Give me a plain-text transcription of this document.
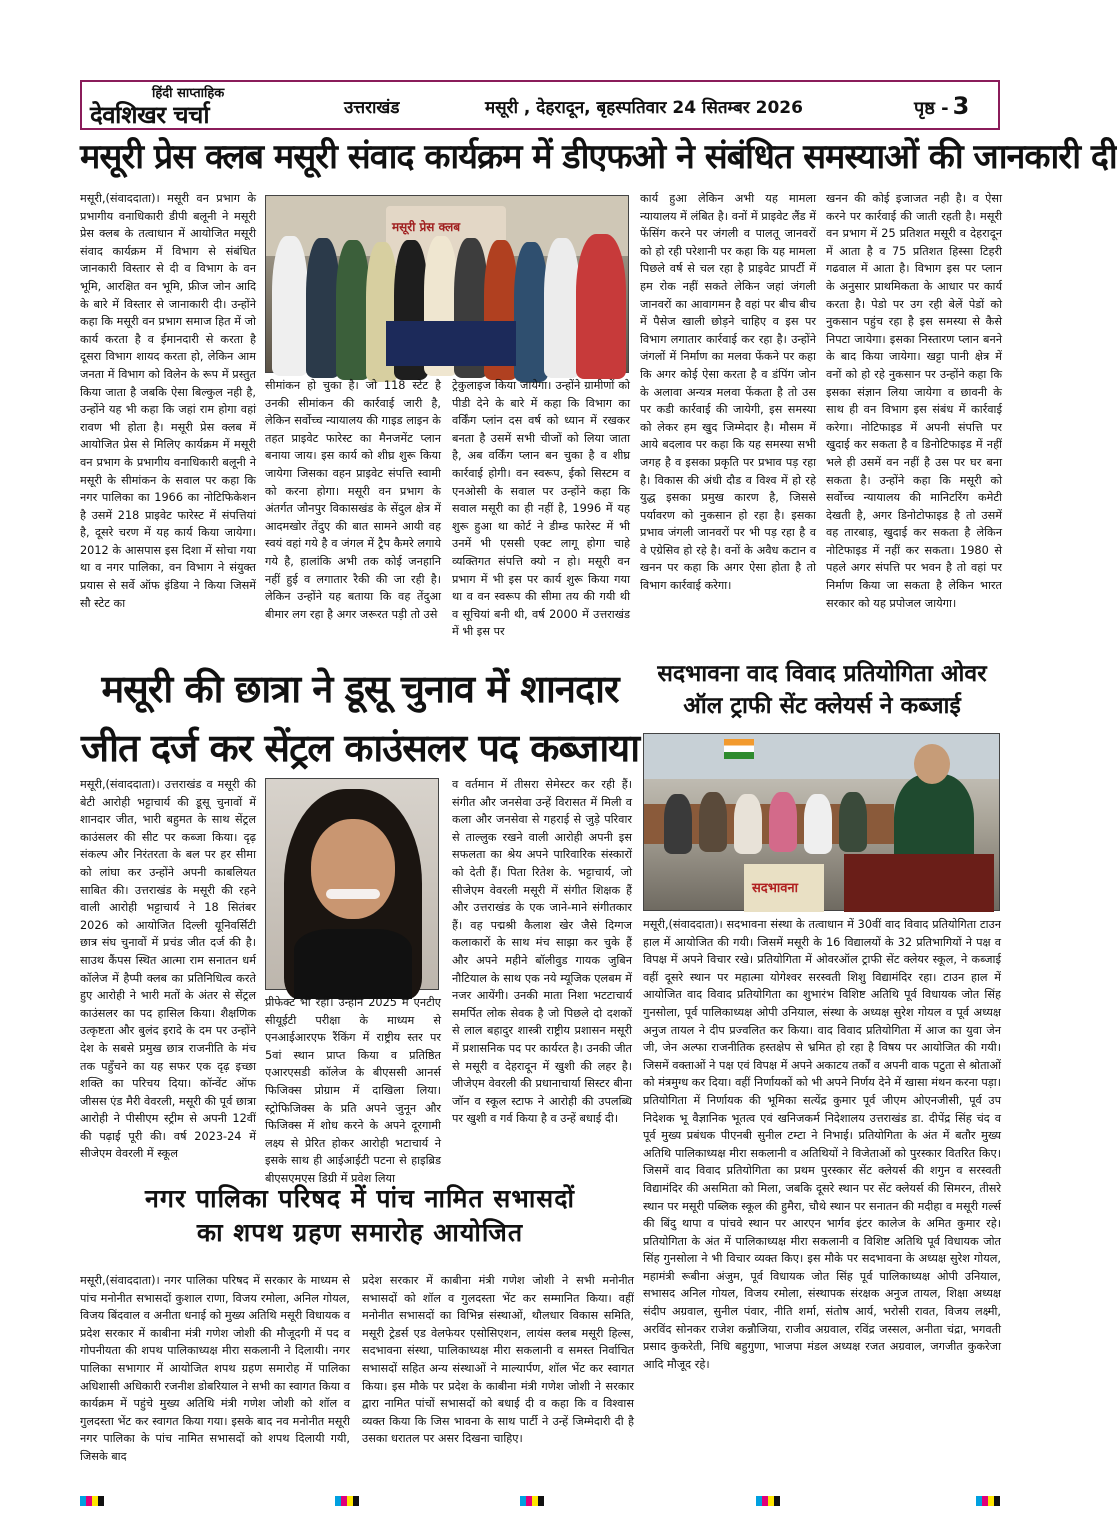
हिंदी साप्ताहिक
देवशिखर चर्चा	उत्तराखंड	मसूरी , देहरादून, बृहस्पतिवार 24 सितम्बर 2026	पृष्ठ - 3
मसूरी प्रेस क्लब मसूरी संवाद कार्यक्रम में डीएफओ ने संबंधित समस्याओं की जानकारी दी

मसूरी,(संवाददाता)। मसूरी वन प्रभाग के प्रभागीय वनाधिकारी डीपी बलूनी ने मसूरी प्रेस क्लब के तत्वाधान में आयोजित मसूरी संवाद कार्यक्रम में विभाग से संबंधित जानकारी विस्तार से दी व विभाग के वन भूमि, आरक्षित वन भूमि, फ्रीज जोन आदि के बारे में विस्तार से जानाकारी दी। उन्होंने कहा कि मसूरी वन प्रभाग समाज हित में जो कार्य करता है व ईमानदारी से करता है दूसरा विभाग शायद करता हो, लेकिन आम जनता में विभाग को विलेन के रूप में प्रस्तुत किया जाता है जबकि ऐसा बिल्कुल नही है, उन्होंने यह भी कहा कि जहां राम होगा वहां रावण भी होता है। मसूरी प्रेस क्लब में आयोजित प्रेस से मिलिए कार्यक्रम में मसूरी वन प्रभाग के प्रभागीय वनाधिकारी बलूनी ने मसूरी के सीमांकन के सवाल पर कहा कि नगर पालिका का 1966 का नोटिफिकेशन है उसमें 218 प्राइवेट फारेस्ट में संपत्तियां है, दूसरे चरण में यह कार्य किया जायेगा। 2012 के आसपास इस दिशा में सोचा गया था व नगर पालिका, वन विभाग ने संयुक्त प्रयास से सर्वे ऑफ इंडिया ने किया जिसमें सौ स्टेट का

मसूरी प्रेस क्लब

सीमांकन हो चुका है। जो 118 स्टेट है उनकी सीमांकन की कार्रवाई जारी है, लेकिन सर्वोच्च न्यायालय की गाइड लाइन के तहत प्राइवेट फारेस्ट का मैनजमेंट प्लान बनाया जाय। इस कार्य को शीघ्र शुरू किया जायेगा जिसका वहन प्राइवेट संपत्ति स्वामी को करना होगा। मसूरी वन प्रभाग के अंतर्गत जौनपुर विकासखंड के सेंदुल क्षेत्र में आदमखोर तेंदुए की बात सामने आयी वह स्वयं वहां गये है व जंगल में ट्रैप कैमरे लगाये गये है, हालांकि अभी तक कोई जनहानि नहीं हुई व लगातार रैकी की जा रही है। लेकिन उन्होंने यह बताया कि वह तेंदुआ बीमार लग रहा है अगर जरूरत पड़ी तो उसे

ट्रेकुलाइज किया जायेगा। उन्होंने ग्रामीणों को पीडी देने के बारे में कहा कि विभाग का वर्किंग प्लांन दस वर्ष को ध्यान में रखकर बनता है उसमें सभी चीजों को लिया जाता है, अब वर्किंग प्लान बन चुका है व शीघ्र कार्रवाई होगी। वन स्वरूप, ईको सिस्टम व एनओसी के सवाल पर उन्होंने कहा कि सवाल मसूरी का ही नहीं है, 1996 में यह शुरू हुआ था कोर्ट ने डीम्ड फारेस्ट में भी उनमें भी एससी एक्ट लागू होगा चाहे व्यक्तिगत संपत्ति क्यो न हो। मसूरी वन प्रभाग में भी इस पर कार्य शुरू किया गया था व वन स्वरूप की सीमा तय की गयी थी व सूचियां बनी थी, वर्ष 2000 में उत्तराखंड में भी इस पर

कार्य हुआ लेकिन अभी यह मामला न्यायालय में लंबित है। वनों में प्राइवेट लैंड में फेंसिंग करने पर जंगली व पालतू जानवरों को हो रही परेशानी पर कहा कि यह मामला पिछले वर्ष से चल रहा है प्राइवेट प्रापर्टी में हम रोक नहीं सकते लेकिन जहां जंगली जानवरों का आवागमन है वहां पर बीच बीच में पैसेज खाली छोड़ने चाहिए व इस पर विभाग लगातार कार्रवाई कर रहा है। उन्होंने जंगलों में निर्माण का मलवा फेंकने पर कहा कि अगर कोई ऐसा करता है व डंपिंग जोन के अलावा अन्यत्र मलवा फेंकता है तो उस पर कडी कार्रवाई की जायेगी, इस समस्या को लेकर हम खुद जिम्मेदार है। मौसम में आये बदलाव पर कहा कि यह समस्या सभी जगह है व इसका प्रकृति पर प्रभाव पड़ रहा है। विकास की अंधी दौड व विश्व में हो रहे युद्ध इसका प्रमुख कारण है, जिससे पर्यावरण को नुकसान हो रहा है। इसका प्रभाव जंगली जानवरों पर भी पड़ रहा है व वे एग्रेसिव हो रहे है। वनों के अवैध कटान व खनन पर कहा कि अगर ऐसा होता है तो विभाग कार्रवाई करेगा।

खनन की कोई इजाजत नही है। व ऐसा करने पर कार्रवाई की जाती रहती है। मसूरी वन प्रभाग में 25 प्रतिशत मसूरी व देहरादून में आता है व 75 प्रतिशत हिस्सा टिहरी गढवाल में आता है। विभाग इस पर प्लान के अनुसार प्राथमिकता के आधार पर कार्य करता है। पेडो पर उग रही बेलें पेडों को नुकसान पहुंच रहा है इस समस्या से कैसे निपटा जायेगा। इसका निस्तारण प्लान बनने के बाद किया जायेगा। खट्टा पानी क्षेत्र में वनों को हो रहे नुकसान पर उन्होंने कहा कि इसका संज्ञान लिया जायेगा व छावनी के साथ ही वन विभाग इस संबंध में कार्रवाई करेगा। नोटिफाइड में अपनी संपत्ति पर खुदाई कर सकता है व डिनोटिफाइड में नहीं भले ही उसमें वन नहीं है उस पर घर बना सकता है। उन्होंने कहा कि मसूरी को सर्वोच्च न्यायालय की मानिटरिंग कमेटी देखती है, अगर डिनोटोफाइड है तो उसमें वह तारबाड़, खुदाई कर सकता है लेकिन नोटिफाइड में नहीं कर सकता। 1980 से पहले अगर संपत्ति पर भवन है तो वहां पर निर्माण किया जा सकता है लेकिन भारत सरकार को यह प्रपोजल जायेगा।

मसूरी की छात्रा ने डूसू चुनाव में शानदार
जीत दर्ज कर सेंट्रल काउंसलर पद कब्जाया

मसूरी,(संवाददाता)। उत्तराखंड व मसूरी की बेटी आरोही भट्टाचार्य की डूसू चुनावों में शानदार जीत, भारी बहुमत के साथ सेंट्रल काउंसलर की सीट पर कब्जा किया। दृढ़ संकल्प और निरंतरता के बल पर हर सीमा को लांघा कर उन्होंने अपनी काबलियत साबित की। उत्तराखंड के मसूरी की रहने वाली आरोही भट्टाचार्य ने 18 सितंबर 2026 को आयोजित दिल्ली यूनिवर्सिटी छात्र संघ चुनावों में प्रचंड जीत दर्ज की है। साउथ कैंपस स्थित आत्मा राम सनातन धर्म कॉलेज में हैप्पी क्लब का प्रतिनिधित्व करते हुए आरोही ने भारी मतों के अंतर से सेंट्रल काउंसलर का पद हासिल किया। शैक्षणिक उत्कृष्टता और बुलंद इरादे के दम पर उन्होंने देश के सबसे प्रमुख छात्र राजनीति के मंच तक पहुँचने का यह सफर एक दृढ़ इच्छा शक्ति का परिचय दिया। कॉन्वेंट ऑफ जीसस एंड मैरी वेवरली, मसूरी की पूर्व छात्रा आरोही ने पीसीएम स्ट्रीम से अपनी 12वीं की पढ़ाई पूरी की। वर्ष 2023-24 में सीजेएम वेवरली में स्कूल

प्रीफेक्ट भी रहीं। उन्होंने 2025 में एनटीए सीयूईटी परीक्षा के माध्यम से एनआईआरएफ रैंकिंग में राष्ट्रीय स्तर पर 5वां स्थान प्राप्त किया व प्रतिष्ठित एआरएसडी कॉलेज के बीएससी आनर्स फिजिक्स प्रोग्राम में दाखिला लिया। स्ट्रोफिजिक्स के प्रति अपने जुनून और फिजिक्स में शोध करने के अपने दूरगामी लक्ष्य से प्रेरित होकर आरोही भटाचार्य ने इसके साथ ही आईआईटी पटना से हाइब्रिड बीएसएमएस डिग्री में प्रवेश लिया

व वर्तमान में तीसरा सेमेस्टर कर रही हैं। संगीत और जनसेवा उन्हें विरासत में मिली व कला और जनसेवा से गहराई से जुड़े परिवार से ताल्लुक रखने वाली आरोही अपनी इस सफलता का श्रेय अपने पारिवारिक संस्कारों को देती हैं। पिता रितेश के. भट्टाचार्य, जो सीजेएम वेवरली मसूरी में संगीत शिक्षक हैं और उत्तराखंड के एक जाने-माने संगीतकार हैं। वह पद्मश्री कैलाश खेर जैसे दिग्गज कलाकारों के साथ मंच साझा कर चुके हैं और अपने महीने बॉलीवुड गायक जुबिन नौटियाल के साथ एक नये म्यूजिक एलबम में नजर आयेंगी। उनकी माता निशा भटटाचार्य समर्पित लोक सेवक है जो पिछले दो दशकों से लाल बहादुर शास्त्री राष्ट्रीय प्रशासन मसूरी में प्रशासनिक पद पर कार्यरत है। उनकी जीत से मसूरी व देहरादून में खुशी की लहर है। जीजेएम वेवरली की प्रधानाचार्या सिस्टर बीना जॉन व स्कूल स्टाफ ने आरोही की उपलब्धि पर खुशी व गर्व किया है व उन्हें बधाई दी।

सदभावना वाद विवाद प्रतियोगिता ओवर
ऑल ट्राफी सेंट क्लेयर्स ने कब्जाई
सदभावना

मसूरी,(संवाददाता)। सदभावना संस्था के तत्वाधान में 30वीं वाद विवाद प्रतियोगिता टाउन हाल में आयोजित की गयी। जिसमें मसूरी के 16 विद्यालयों के 32 प्रतिभागियों ने पक्ष व विपक्ष में अपने विचार रखे। प्रतियोगिता में ओवरऑल ट्राफी सेंट क्लेयर स्कूल, ने कब्जाई वहीं दूसरे स्थान पर महात्मा योगेश्वर सरस्वती शिशु विद्यामंदिर रहा। टाउन हाल में आयोजित वाद विवाद प्रतियोगिता का शुभारंभ विशिष्ट अतिथि पूर्व विधायक जोत सिंह गुनसोला, पूर्व पालिकाध्यक्ष ओपी उनियाल, संस्था के अध्यक्ष सुरेश गोयल व पूर्व अध्यक्ष अनुज तायल ने दीप प्रज्वलित कर किया। वाद विवाद प्रतियोगिता में आज का युवा जेन जी, जेन अल्फा राजनीतिक हस्तक्षेप से भ्रमित हो रहा है विषय पर आयोजित की गयी। जिसमें वक्ताओं ने पक्ष एवं विपक्ष में अपने अकाटय तर्कों व अपनी वाक पटुता से श्रोताओं को मंत्रमुग्ध कर दिया। वहीं निर्णायकों को भी अपने निर्णय देने में खासा मंथन करना पड़ा। प्रतियोगिता में निर्णायक की भूमिका सत्येंद्र कुमार पूर्व जीएम ओएनजीसी, पूर्व उप निदेशक भू वैज्ञानिक भूतत्व एवं खनिजकर्म निदेशालय उत्तराखंड डा. दीपेंद्र सिंह चंद व पूर्व मुख्य प्रबंधक पीएनबी सुनील टम्टा ने निभाई। प्रतियोगिता के अंत में बतौर मुख्य अतिथि पालिकाध्यक्ष मीरा सकलानी व अतिथियों ने विजेताओं को पुरस्कार वितरित किए। जिसमें वाद विवाद प्रतियोगिता का प्रथम पुरस्कार सेंट क्लेयर्स की शगुन व सरस्वती विद्यामंदिर की असमिता को मिला, जबकि दूसरे स्थान पर सेंट क्लेयर्स की सिमरन, तीसरे स्थान पर मसूरी पब्लिक स्कूल की हुमैरा, चौथे स्थान पर सनातन की मदीहा व मसूरी गर्ल्स की बिंदु थापा व पांचवे स्थान पर आरएन भार्गव इंटर कालेज के अमित कुमार रहे। प्रतियोगिता के अंत में पालिकाध्यक्ष मीरा सकलानी व विशिष्ट अतिथि पूर्व विधायक जोत सिंह गुनसोला ने भी विचार व्यक्त किए। इस मौके पर सदभावना के अध्यक्ष सुरेश गोयल, महामंत्री रूबीना अंजुम, पूर्व विधायक जोत सिंह पूर्व पालिकाध्यक्ष ओपी उनियाल, सभासद अनिल गोयल, विजय रमोला, संस्थापक संरक्षक अनुज तायल, शिक्षा अध्यक्ष संदीप अग्रवाल, सुनील पंवार, नीति शर्मा, संतोष आर्य, भरोसी रावत, विजय लक्ष्मी, अरविंद सोनकर राजेश कन्नौजिया, राजीव अग्रवाल, रविंद्र जस्सल, अनीता चंद्रा, भगवती प्रसाद कुकरेती, निधि बहुगुणा, भाजपा मंडल अध्यक्ष रजत अग्रवाल, जगजीत कुकरेजा आदि मौजूद रहे।

नगर पालिका परिषद में पांच नामित सभासदों
का शपथ ग्रहण समारोह आयोजित

मसूरी,(संवाददाता)। नगर पालिका परिषद में सरकार के माध्यम से पांच मनोनीत सभासदों कुशाल राणा, विजय रमोला, अनिल गोयल, विजय बिंदवाल व अनीता धनाई को मुख्य अतिथि मसूरी विधायक व प्रदेश सरकार में काबीना मंत्री गणेश जोशी की मौजूदगी में पद व गोपनीयता की शपथ पालिकाध्यक्ष मीरा सकलानी ने दिलायी। नगर पालिका सभागार में आयोजित शपथ ग्रहण समारोह में पालिका अधिशासी अधिकारी रजनीश डोबरियाल ने सभी का स्वागत किया व कार्यक्रम में पहुंचे मुख्य अतिथि मंत्री गणेश जोशी को शॉल व गुलदस्ता भेंट कर स्वागत किया गया। इसके बाद नव मनोनीत मसूरी नगर पालिका के पांच नामित सभासदों को शपथ दिलायी गयी, जिसके बाद

प्रदेश सरकार में काबीना मंत्री गणेश जोशी ने सभी मनोनीत सभासदों को शॉल व गुलदस्ता भेंट कर सम्मानित किया। वहीं मनोनीत सभासदों का विभिन्न संस्थाओं, थौलधार विकास समिति, मसूरी ट्रेडर्स एड वेलफेयर एसोसिएशन, लायंस क्लब मसूरी हिल्स, सदभावना संस्था, पालिकाध्यक्ष मीरा सकलानी व समस्त निर्वाचित सभासदों सहित अन्य संस्थाओं ने माल्यार्पण, शॉल भेंट कर स्वागत किया। इस मौके पर प्रदेश के काबीना मंत्री गणेश जोशी ने सरकार द्वारा नामित पांचों सभासदों को बधाई दी व कहा कि व विश्वास व्यक्त किया कि जिस भावना के साथ पार्टी ने उन्हें जिम्मेदारी दी है उसका धरातल पर असर दिखना चाहिए।
